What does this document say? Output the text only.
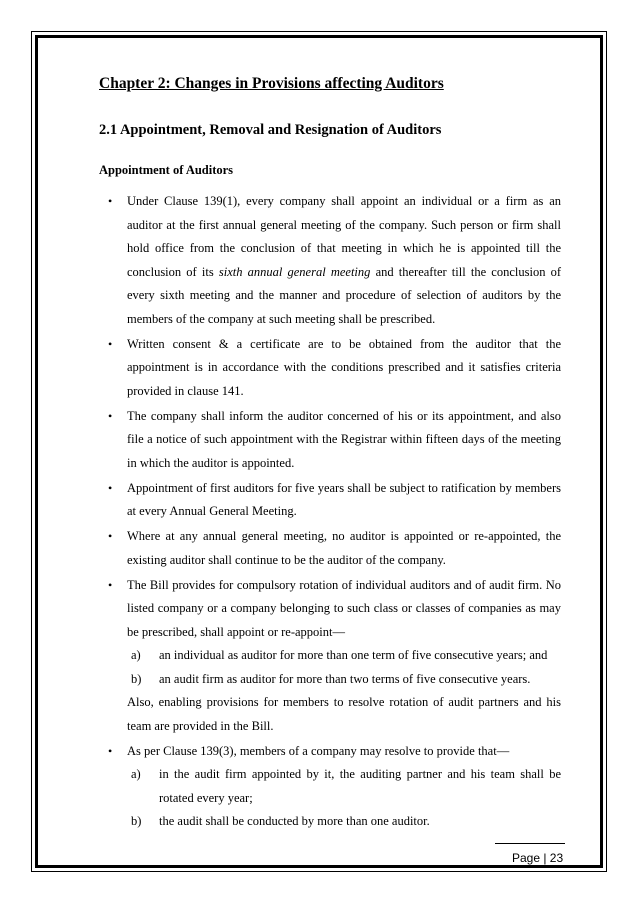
Chapter 2: Changes in Provisions affecting Auditors
2.1 Appointment, Removal and Resignation of Auditors
Appointment of Auditors
• Under Clause 139(1), every company shall appoint an individual or a firm as an auditor at the first annual general meeting of the company. Such person or firm shall hold office from the conclusion of that meeting in which he is appointed till the conclusion of its sixth annual general meeting and thereafter till the conclusion of every sixth meeting and the manner and procedure of selection of auditors by the members of the company at such meeting shall be prescribed.
• Written consent & a certificate are to be obtained from the auditor that the appointment is in accordance with the conditions prescribed and it satisfies criteria provided in clause 141.
• The company shall inform the auditor concerned of his or its appointment, and also file a notice of such appointment with the Registrar within fifteen days of the meeting in which the auditor is appointed.
• Appointment of first auditors for five years shall be subject to ratification by members at every Annual General Meeting.
• Where at any annual general meeting, no auditor is appointed or re-appointed, the existing auditor shall continue to be the auditor of the company.
• The Bill provides for compulsory rotation of individual auditors and of audit firm. No listed company or a company belonging to such class or classes of companies as may be prescribed, shall appoint or re-appoint—
a) an individual as auditor for more than one term of five consecutive years; and
b) an audit firm as auditor for more than two terms of five consecutive years.
Also, enabling provisions for members to resolve rotation of audit partners and his team are provided in the Bill.
• As per Clause 139(3), members of a company may resolve to provide that—
a) in the audit firm appointed by it, the auditing partner and his team shall be rotated every year;
b) the audit shall be conducted by more than one auditor.
Page | 23
